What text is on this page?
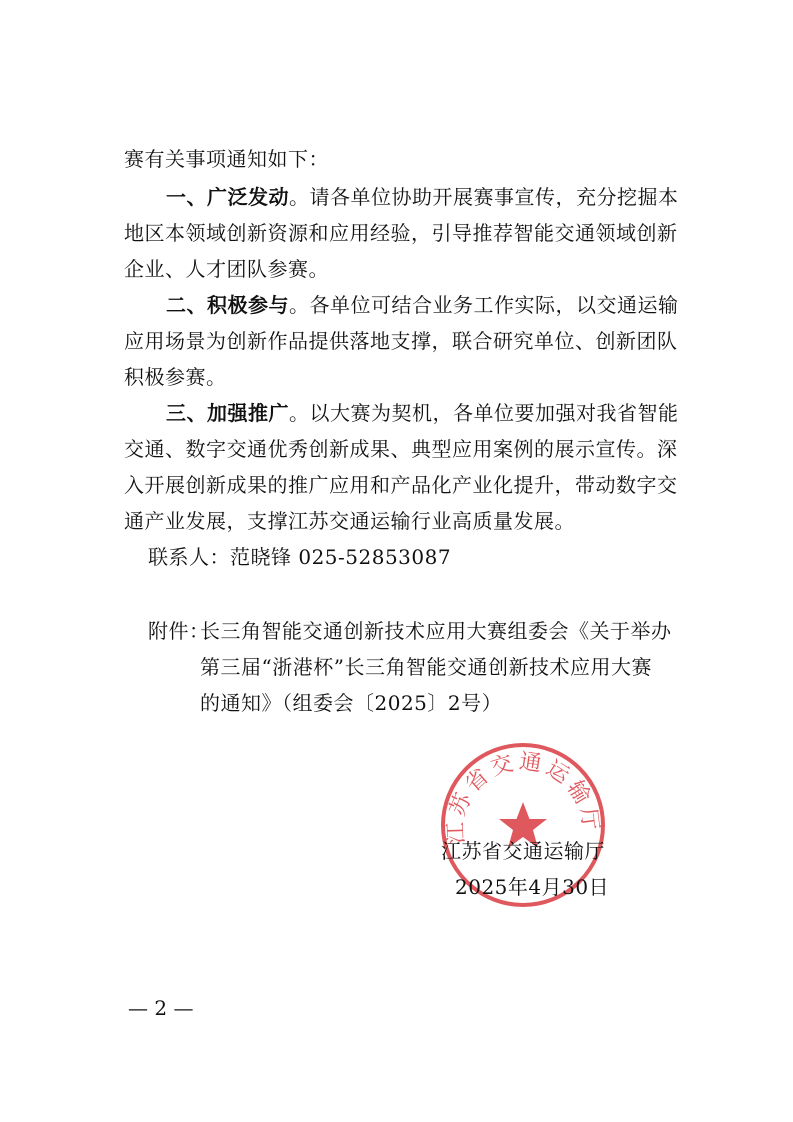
赛有关事项通知如下：
一、广泛发动。请各单位协助开展赛事宣传，充分挖掘本
地区本领域创新资源和应用经验，引导推荐智能交通领域创新
企业、人才团队参赛。
二、积极参与。各单位可结合业务工作实际，以交通运输
应用场景为创新作品提供落地支撑，联合研究单位、创新团队
积极参赛。
三、加强推广。以大赛为契机，各单位要加强对我省智能
交通、数字交通优秀创新成果、典型应用案例的展示宣传。深
入开展创新成果的推广应用和产品化产业化提升，带动数字交
通产业发展，支撑江苏交通运输行业高质量发展。
联系人：范晓锋 025-52853087
附件：
长三角智能交通创新技术应用大赛组委会《关于举办
第三届“浙港杯”长三角智能交通创新技术应用大赛
的通知》（组委会〔2025〕2号）
江苏省交通运输厅
江苏省交通运输厅
2025年4月30日
— 2 —
